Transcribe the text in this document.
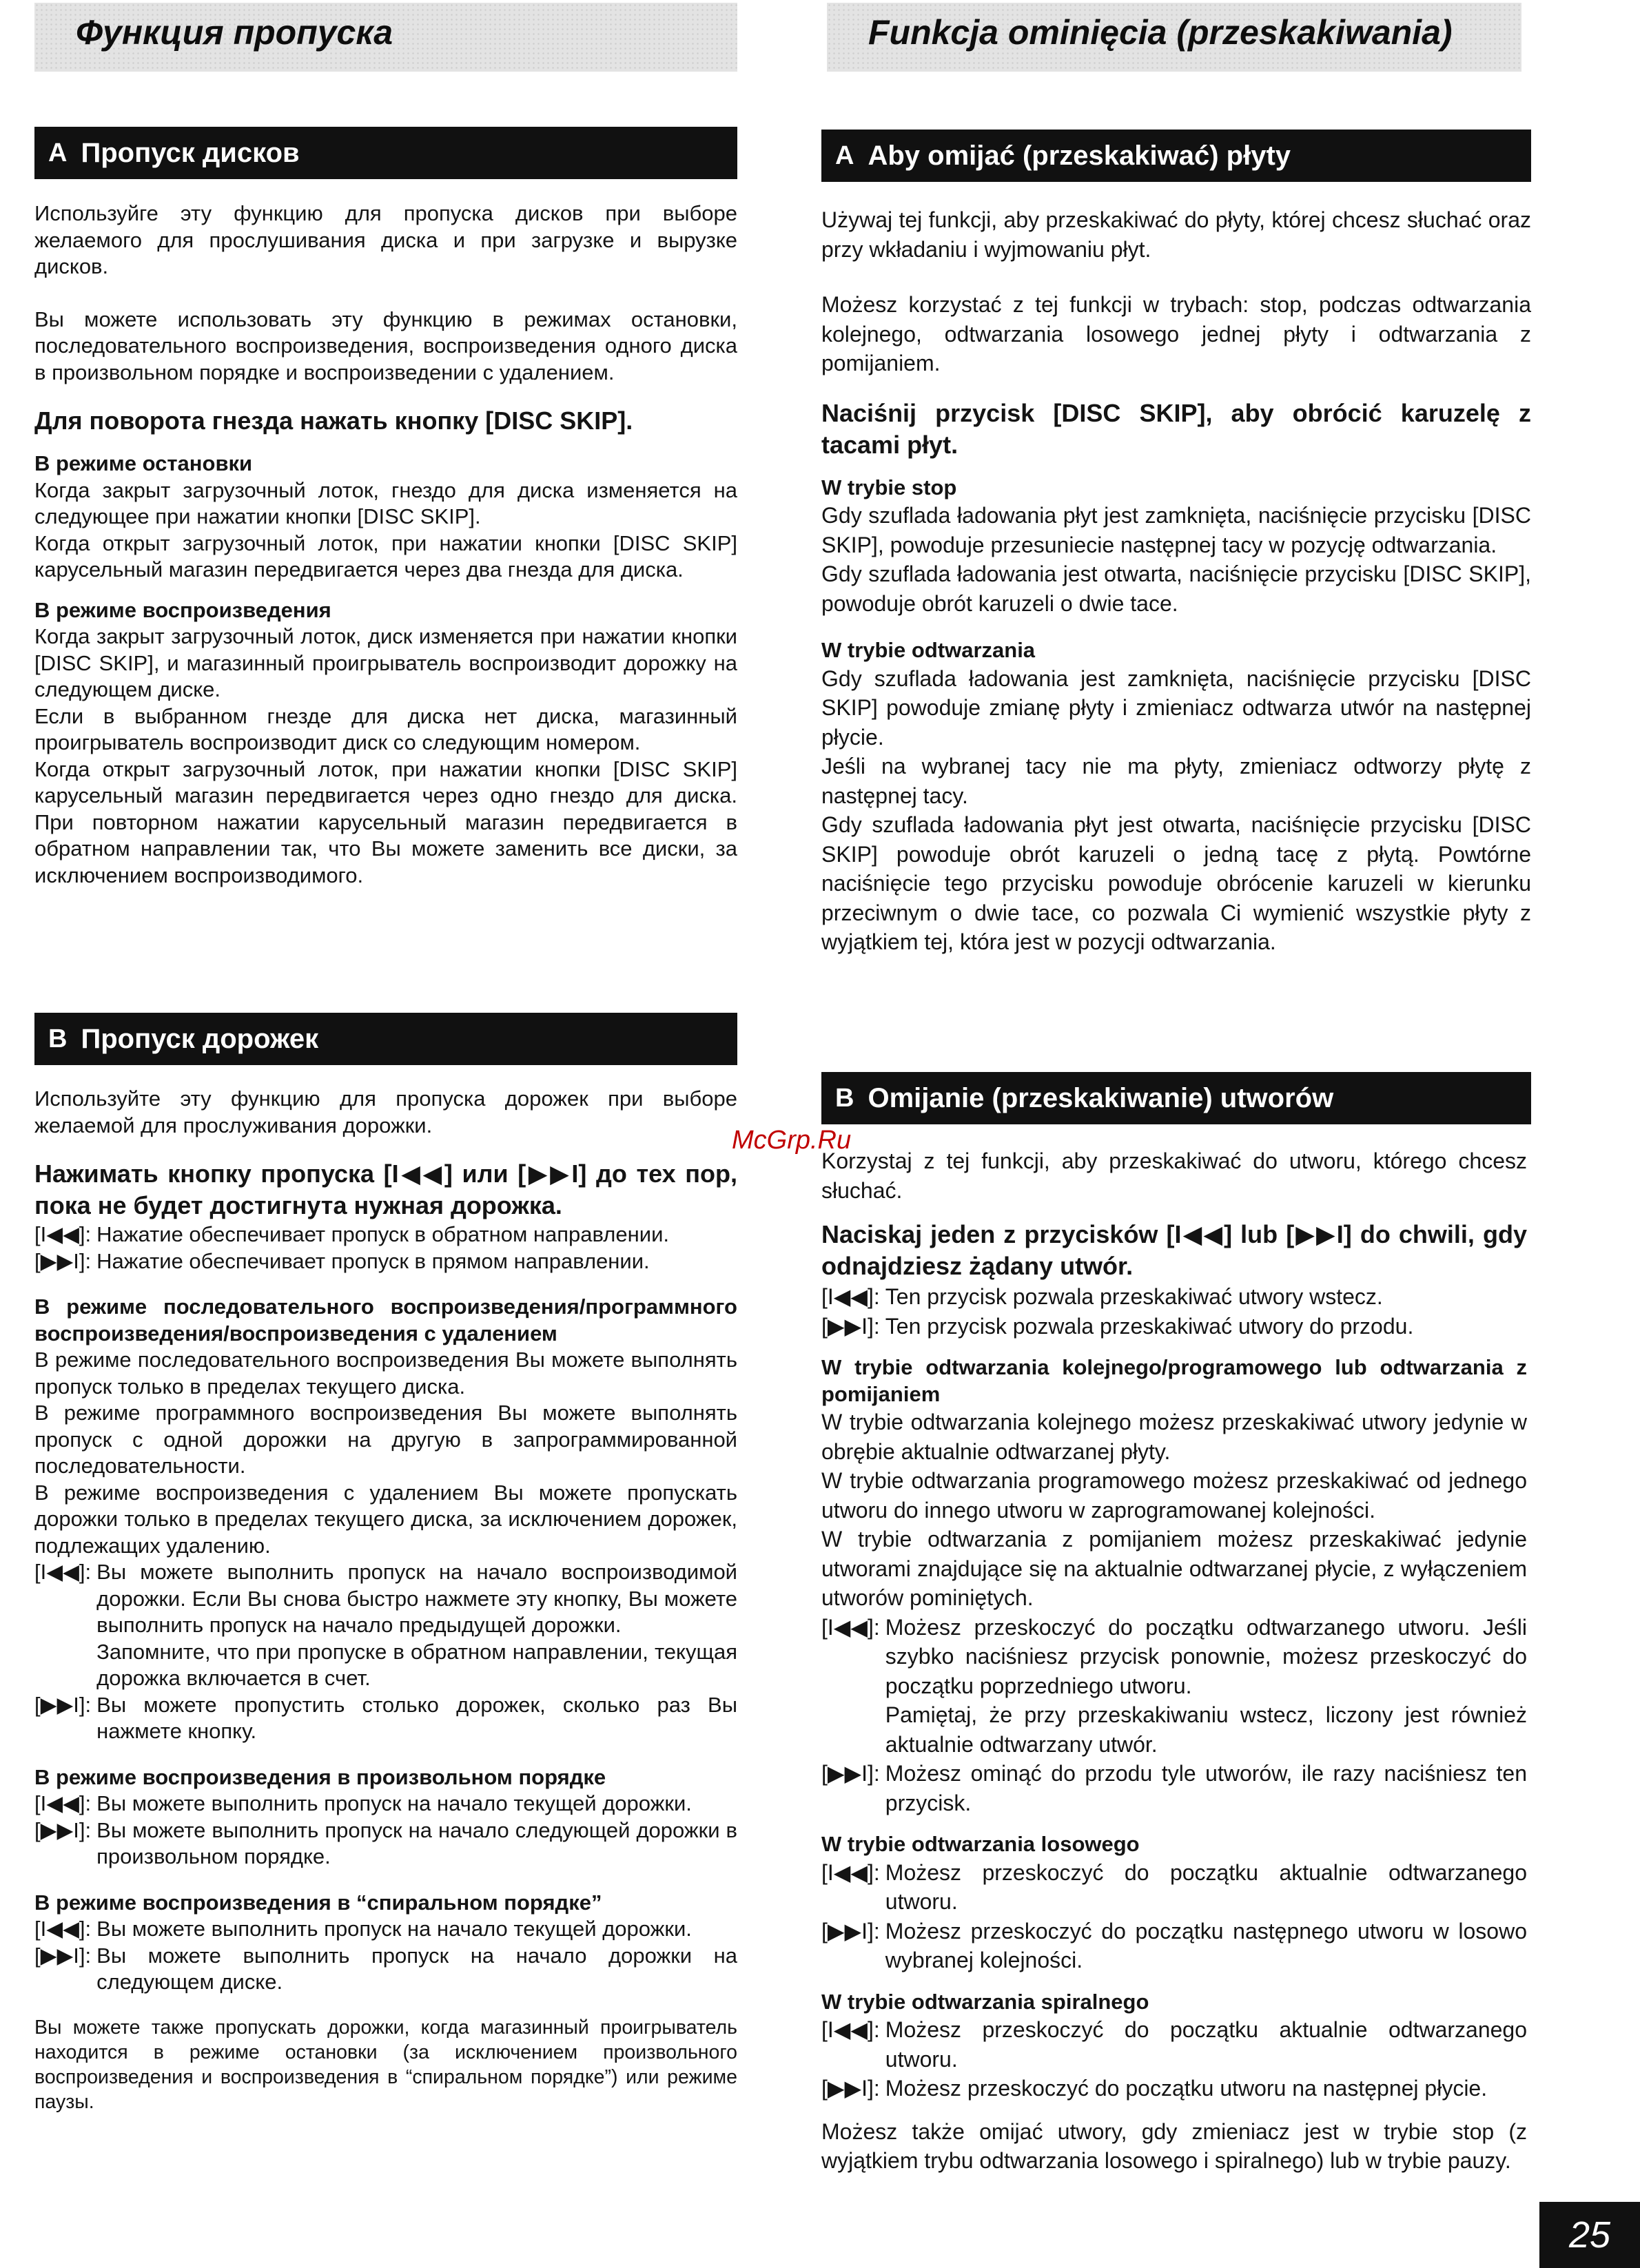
Функция пропуска
A Пропуск дисков

Используйге эту функцию для пропуска дисков при выборе желаемого для прослушивания диска и при загрузке и вырузке дисков.

Вы можете использовать эту функцию в режимах остановки, последовательного воспроизведения, воспроизведения одного диска в произвольном порядке и воспроизведении с удалением.

Для поворота гнезда нажать кнопку [DISC SKIP].

В режиме остановки

Когда закрыт загрузочный лоток, гнездо для диска изменяется на следующее при нажатии кнопки [DISC SKIP].

Когда открыт загрузочный лоток, при нажатии кнопки [DISC SKIP] карусельный магазин передвигается через два гнезда для диска.

В режиме воспроизведения

Когда закрыт загрузочный лоток, диск изменяется при нажатии кнопки [DISC SKIP], и магазинный проигрыватель воспроизводит дорожку на следующем диске.

Если в выбранном гнезде для диска нет диска, магазинный проигрыватель воспроизводит диск со следующим номером.

Когда открыт загрузочный лоток, при нажатии кнопки [DISC SKIP] карусельный магазин передвигается через одно гнездо для диска. При повторном нажатии карусельный магазин передвигается в обратном направлении так, что Вы можете заменить все диски, за исключением воспроизводимого.

B Пропуск дорожек

Используйте эту функцию для пропуска дорожек при выборе желаемой для прослуживания дорожки.

Нажимать кнопку пропуска [I◀◀] или [▶▶I] до тех пор, пока не будет достигнута нужная дорожка.

[I◀◀]: Нажатие обеспечивает пропуск в обратном направлении.
[▶▶I]: Нажатие обеспечивает пропуск в прямом направлении.

В режиме последовательного воспроизведения/программного воспроизведения/воспроизведения с удалением

В режиме последовательного воспроизведения Вы можете выполнять пропуск только в пределах текущего диска.

В режиме программного воспроизведения Вы можете выполнять пропуск с одной дорожки на другую в запрограммированной последовательности.

В режиме воспроизведения с удалением Вы можете пропускать дорожки только в пределах текущего диска, за исключением дорожек, подлежащих удалению.

[I◀◀]: Вы можете выполнить пропуск на начало воспроизводимой дорожки. Если Вы снова быстро нажмете эту кнопку, Вы можете выполнить пропуск на начало предыдущей дорожки.
Запомните, что при пропуске в обратном направлении, текущая дорожка включается в счет.
[▶▶I]: Вы можете пропустить столько дорожек, сколько раз Вы нажмете кнопку.

В режиме воспроизведения в произвольном порядке

[I◀◀]: Вы можете выполнить пропуск на начало текущей дорожки.
[▶▶I]: Вы можете выполнить пропуск на начало следующей дорожки в произвольном порядке.

В режиме воспроизведения в “спиральном порядке”

[I◀◀]: Вы можете выполнить пропуск на начало текущей дорожки.
[▶▶I]: Вы можете выполнить пропуск на начало дорожки на следующем диске.

Вы можете также пропускать дорожки, когда магазинный проигрыватель находится в режиме остановки (за исключением произвольного воспроизведения и воспроизведения в “спиральном порядке”) или режиме паузы.

Funkcja ominięcia (przeskakiwania)
A Aby omijać (przeskakiwać) płyty

Używaj tej funkcji, aby przeskakiwać do płyty, której chcesz słuchać oraz przy wkładaniu i wyjmowaniu płyt.

Możesz korzystać z tej funkcji w trybach: stop, podczas odtwarzania kolejnego, odtwarzania losowego jednej płyty i odtwarzania z pomijaniem.

Naciśnij przycisk [DISC SKIP], aby obrócić karuzelę z tacami płyt.

W trybie stop

Gdy szuflada ładowania płyt jest zamknięta, naciśnięcie przycisku [DISC SKIP], powoduje przesuniecie następnej tacy w pozycję odtwarzania.

Gdy szuflada ładowania jest otwarta, naciśnięcie przycisku [DISC SKIP], powoduje obrót karuzeli o dwie tace.

W trybie odtwarzania

Gdy szuflada ładowania jest zamknięta, naciśnięcie przycisku [DISC SKIP] powoduje zmianę płyty i zmieniacz odtwarza utwór na następnej płycie.

Jeśli na wybranej tacy nie ma płyty, zmieniacz odtworzy płytę z następnej tacy.

Gdy szuflada ładowania płyt jest otwarta, naciśnięcie przycisku [DISC SKIP] powoduje obrót karuzeli o jedną tacę z płytą. Powtórne naciśnięcie tego przycisku powoduje obrócenie karuzeli w kierunku przeciwnym o dwie tace, co pozwala Ci wymienić wszystkie płyty z wyjątkiem tej, która jest w pozycji odtwarzania.

B Omijanie (przeskakiwanie) utworów

Korzystaj z tej funkcji, aby przeskakiwać do utworu, którego chcesz słuchać.

Naciskaj jeden z przycisków [I◀◀] lub [▶▶I] do chwili, gdy odnajdziesz żądany utwór.

[I◀◀]: Ten przycisk pozwala przeskakiwać utwory wstecz.
[▶▶I]: Ten przycisk pozwala przeskakiwać utwory do przodu.

W trybie odtwarzania kolejnego/programowego lub odtwarzania z pomijaniem

W trybie odtwarzania kolejnego możesz przeskakiwać utwory jedynie w obrębie aktualnie odtwarzanej płyty.

W trybie odtwarzania programowego możesz przeskakiwać od jednego utworu do innego utworu w zaprogramowanej kolejności.

W trybie odtwarzania z pomijaniem możesz przeskakiwać jedynie utworami znajdujące się na aktualnie odtwarzanej płycie, z wyłączeniem utworów pominiętych.

[I◀◀]: Możesz przeskoczyć do początku odtwarzanego utworu. Jeśli szybko naciśniesz przycisk ponownie, możesz przeskoczyć do początku poprzedniego utworu.
Pamiętaj, że przy przeskakiwaniu wstecz, liczony jest również aktualnie odtwarzany utwór.
[▶▶I]: Możesz ominąć do przodu tyle utworów, ile razy naciśniesz ten przycisk.

W trybie odtwarzania losowego

[I◀◀]: Możesz przeskoczyć do początku aktualnie odtwarzanego utworu.
[▶▶I]: Możesz przeskoczyć do początku następnego utworu w losowo wybranej kolejności.

W trybie odtwarzania spiralnego

[I◀◀]: Możesz przeskoczyć do początku aktualnie odtwarzanego utworu.
[▶▶I]: Możesz przeskoczyć do początku utworu na następnej płycie.

Możesz także omijać utwory, gdy zmieniacz jest w trybie stop (z wyjątkiem trybu odtwarzania losowego i spiralnego) lub w trybie pauzy.

McGrp.Ru
25
